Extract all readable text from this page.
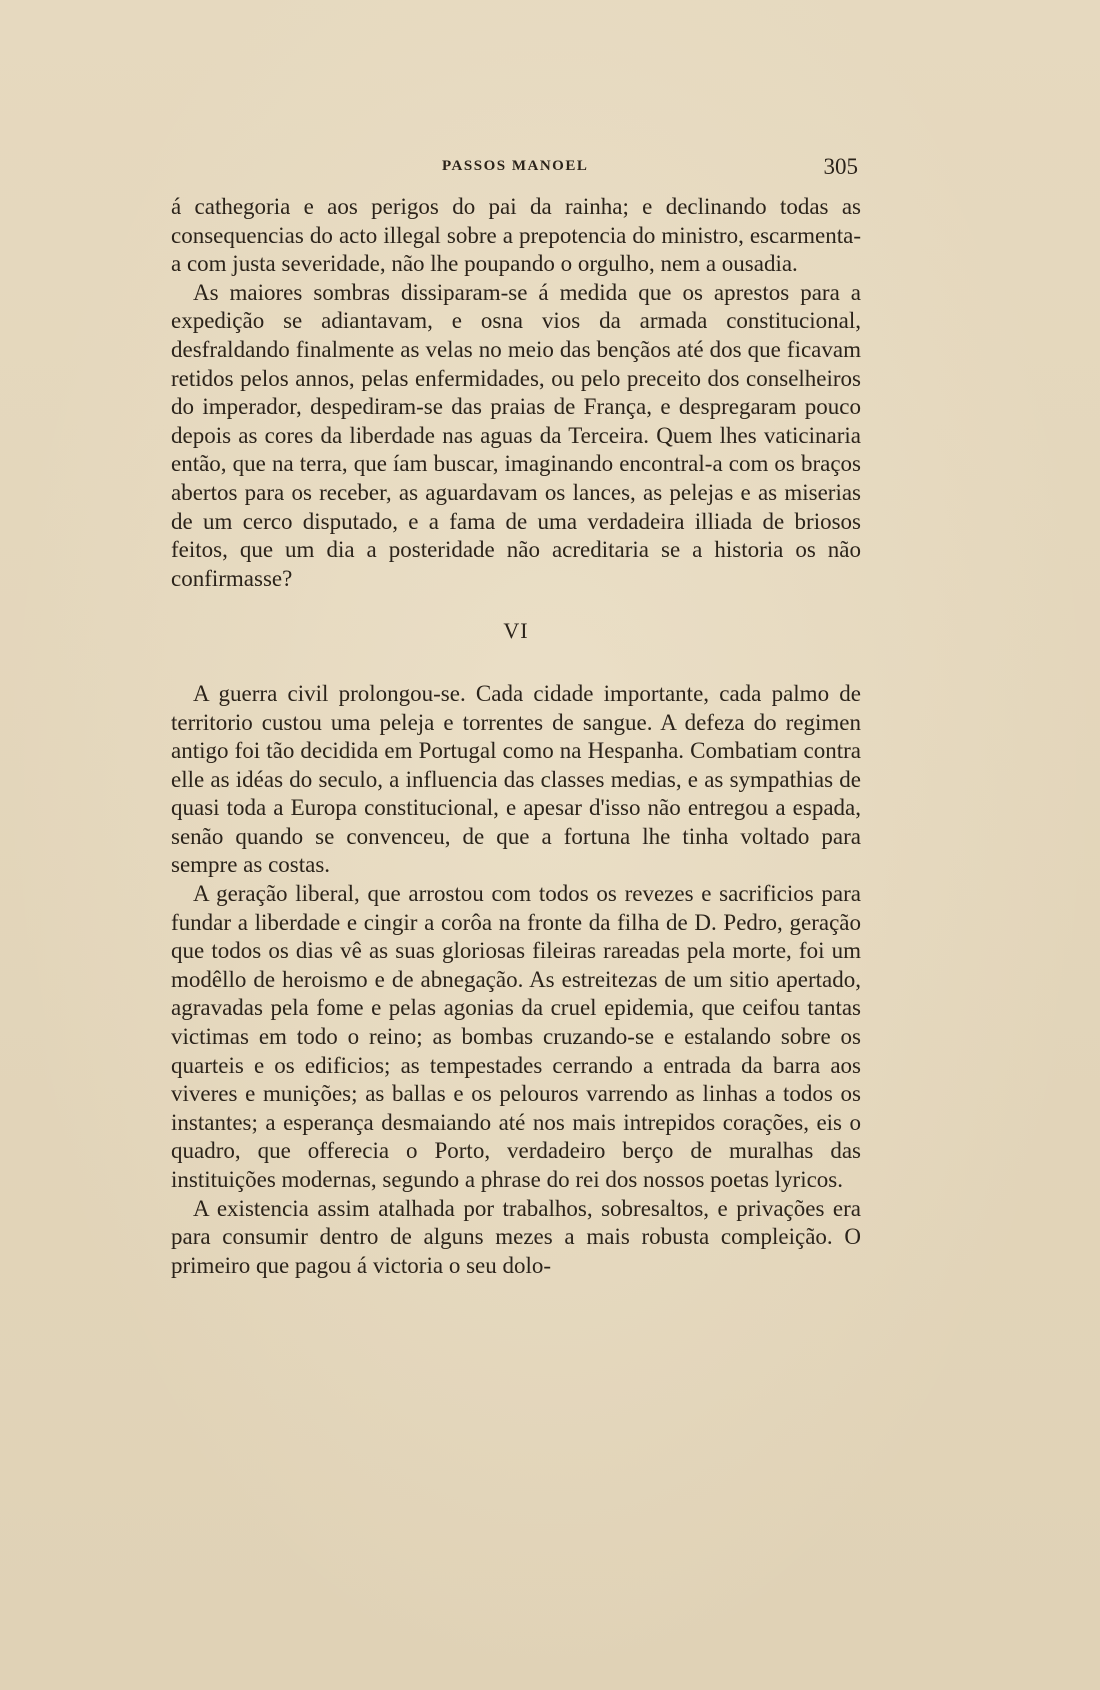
PASSOS MANOEL	305

á cathegoria e aos perigos do pai da rainha; e declinando todas as consequencias do acto illegal sobre a prepotencia do ministro, escarmenta-a com justa severidade, não lhe poupando o orgulho, nem a ousadia.

As maiores sombras dissiparam-se á medida que os aprestos para a expedição se adiantavam, e osna vios da armada constitucional, desfraldando finalmente as velas no meio das bençãos até dos que ficavam retidos pelos annos, pelas enfermidades, ou pelo preceito dos conselheiros do imperador, despediram-se das praias de França, e despregaram pouco depois as cores da liberdade nas aguas da Terceira. Quem lhes vaticinaria então, que na terra, que íam buscar, imaginando encontral-a com os braços abertos para os receber, as aguardavam os lances, as pelejas e as miserias de um cerco disputado, e a fama de uma verdadeira illiada de briosos feitos, que um dia a posteridade não acreditaria se a historia os não confirmasse?

VI

A guerra civil prolongou-se. Cada cidade importante, cada palmo de territorio custou uma peleja e torrentes de sangue. A defeza do regimen antigo foi tão decidida em Portugal como na Hespanha. Combatiam contra elle as idéas do seculo, a influencia das classes medias, e as sympathias de quasi toda a Europa constitucional, e apesar d'isso não entregou a espada, senão quando se convenceu, de que a fortuna lhe tinha voltado para sempre as costas.

A geração liberal, que arrostou com todos os revezes e sacrificios para fundar a liberdade e cingir a corôa na fronte da filha de D. Pedro, geração que todos os dias vê as suas gloriosas fileiras rareadas pela morte, foi um modêllo de heroismo e de abnegação. As estreitezas de um sitio apertado, agravadas pela fome e pelas agonias da cruel epidemia, que ceifou tantas victimas em todo o reino; as bombas cruzando-se e estalando sobre os quarteis e os edificios; as tempestades cerrando a entrada da barra aos viveres e munições; as ballas e os pelouros varrendo as linhas a todos os instantes; a esperança desmaiando até nos mais intrepidos corações, eis o quadro, que offerecia o Porto, verdadeiro berço de muralhas das instituições modernas, segundo a phrase do rei dos nossos poetas lyricos.

A existencia assim atalhada por trabalhos, sobresaltos, e privações era para consumir dentro de alguns mezes a mais robusta compleição. O primeiro que pagou á victoria o seu dolo-
